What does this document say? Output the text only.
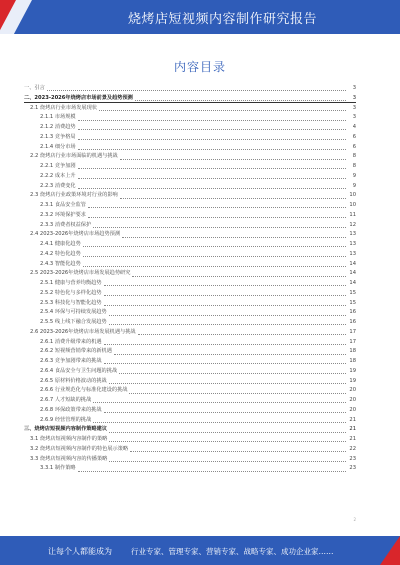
烧烤店短视频内容制作研究报告
内容目录
一、引言	3
二、2023-2026年烧烤店市场前景及趋势预测	3
2.1 烧烤店行业市场发展现状	3
2.1.1 市场规模	3
2.1.2 消费趋势	4
2.1.3 竞争格局	6
2.1.4 细分市场	6
2.2 烧烤店行业市场面临的机遇与挑战	8
2.2.1 竞争加剧	8
2.2.2 成本上升	9
2.2.3 消费变化	9
2.3 烧烤店行业政策环境对行业的影响	10
2.3.1 食品安全监管	10
2.3.2 环境保护要求	11
2.3.3 消费者权益保护	12
2.4 2023-2026年烧烤店市场趋势预测	13
2.4.1 健康化趋势	13
2.4.2 特色化趋势	13
2.4.3 智能化趋势	14
2.5 2023-2026年烧烤店市场发展趋势研究	14
2.5.1 健康与营养均衡趋势	14
2.5.2 特色化与多样化趋势	15
2.5.3 科技化与智能化趋势	15
2.5.4 环保与可持续发展趋势	16
2.5.5 线上线下融合发展趋势	16
2.6 2023-2026年烧烤店市场发展机遇与挑战	17
2.6.1 消费升级带来的机遇	17
2.6.2 短视频营销带来的新机遇	18
2.6.3 竞争加剧带来的挑战	18
2.6.4 食品安全与卫生问题的挑战	19
2.6.5 原材料价格波动的挑战	19
2.6.6 行业规范化与标准化建设的挑战	20
2.6.7 人才短缺的挑战	20
2.6.8 环保政策带来的挑战	20
2.6.9 经营管理的挑战	21
三、烧烤店短视频内容制作策略建议	21
3.1 烧烤店短视频内容制作的策略	21
3.2 烧烤店短视频内容制作的特色展示策略	22
3.3 烧烤店短视频内容的传播策略	23
3.3.1 制作策略	23
2
让每个人都能成为	行业专家、管理专家、营销专家、战略专家、成功企业家……
